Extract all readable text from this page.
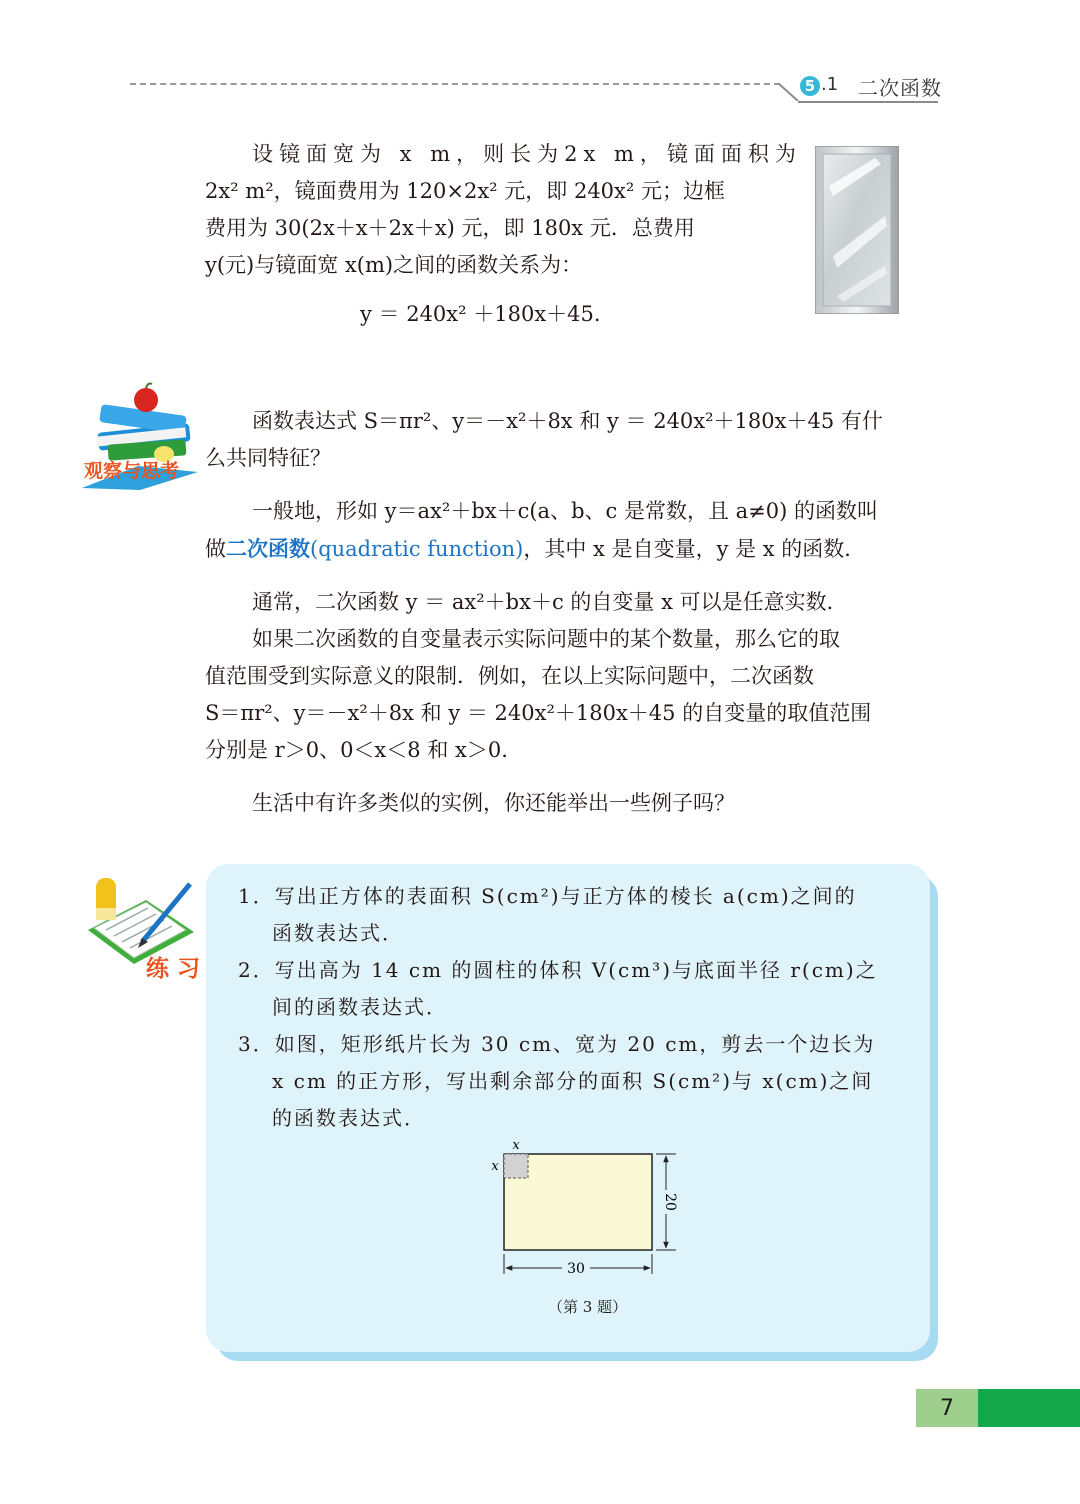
5 .1 二次函数
设镜面宽为 x m，则长为2x m，镜面面积为
2x² m²，镜面费用为 120×2x² 元，即 240x² 元；边框
费用为 30(2x＋x＋2x＋x) 元，即 180x 元．总费用
y(元)与镜面宽 x(m)之间的函数关系为：
y ＝ 240x² ＋180x＋45.
观察与思考
函数表达式 S＝πr²、y＝－x²＋8x 和 y ＝ 240x²＋180x＋45 有什
么共同特征？
一般地，形如 y＝ax²＋bx＋c(a、b、c 是常数，且 a≠0) 的函数叫
做二次函数(quadratic function)，其中 x 是自变量，y 是 x 的函数．
通常，二次函数 y ＝ ax²＋bx＋c 的自变量 x 可以是任意实数．
如果二次函数的自变量表示实际问题中的某个数量，那么它的取
值范围受到实际意义的限制．例如，在以上实际问题中，二次函数
S＝πr²、y＝－x²＋8x 和 y ＝ 240x²＋180x＋45 的自变量的取值范围
分别是 r＞0、0＜x＜8 和 x＞0.
生活中有许多类似的实例，你还能举出一些例子吗？
练 习
1．写出正方体的表面积 S(cm²)与正方体的棱长 a(cm)之间的
函数表达式．
2．写出高为 14 cm 的圆柱的体积 V(cm³)与底面半径 r(cm)之
间的函数表达式．
3．如图，矩形纸片长为 30 cm、宽为 20 cm，剪去一个边长为
x cm 的正方形，写出剩余部分的面积 S(cm²)与 x(cm)之间
的函数表达式．
x
x
30
20
（第 3 题）
7
